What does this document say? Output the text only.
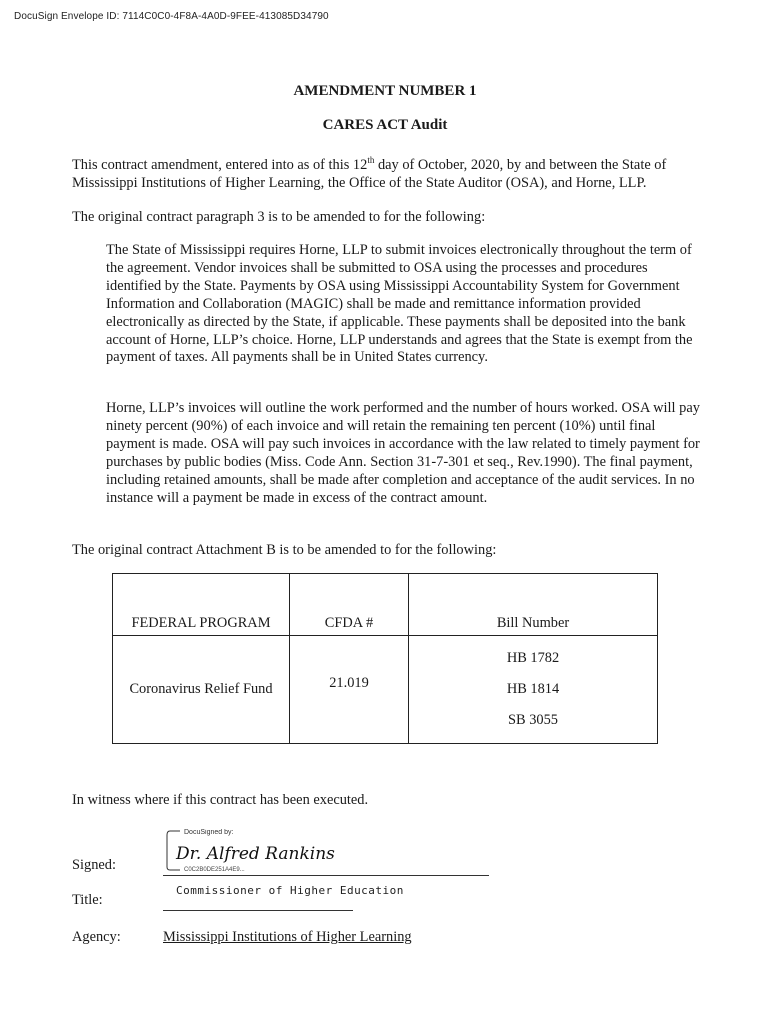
DocuSign Envelope ID: 7114C0C0-4F8A-4A0D-9FEE-413085D34790
AMENDMENT NUMBER 1
CARES ACT Audit
This contract amendment, entered into as of this 12th day of October, 2020, by and between the State of Mississippi Institutions of Higher Learning, the Office of the State Auditor (OSA), and Horne, LLP.
The original contract paragraph 3 is to be amended to for the following:
The State of Mississippi requires Horne, LLP to submit invoices electronically throughout the term of the agreement. Vendor invoices shall be submitted to OSA using the processes and procedures identified by the State. Payments by OSA using Mississippi Accountability System for Government Information and Collaboration (MAGIC) shall be made and remittance information provided electronically as directed by the State, if applicable. These payments shall be deposited into the bank account of Horne, LLP’s choice. Horne, LLP understands and agrees that the State is exempt from the payment of taxes. All payments shall be in United States currency.
Horne, LLP’s invoices will outline the work performed and the number of hours worked. OSA will pay ninety percent (90%) of each invoice and will retain the remaining ten percent (10%) until final payment is made. OSA will pay such invoices in accordance with the law related to timely payment for purchases by public bodies (Miss. Code Ann. Section 31-7-301 et seq., Rev.1990). The final payment, including retained amounts, shall be made after completion and acceptance of the audit services. In no instance will a payment be made in excess of the contract amount.
The original contract Attachment B is to be amended to for the following:
FEDERAL PROGRAM	CFDA #	Bill Number
Coronavirus Relief Fund	21.019	HB 1782
HB 1814
SB 3055
In witness where if this contract has been executed.
Signed:
DocuSigned by:
Dr. Alfred Rankins
C0C2B0DE251A4E9...
Title:
Commissioner of Higher Education
Agency:	Mississippi Institutions of Higher Learning
